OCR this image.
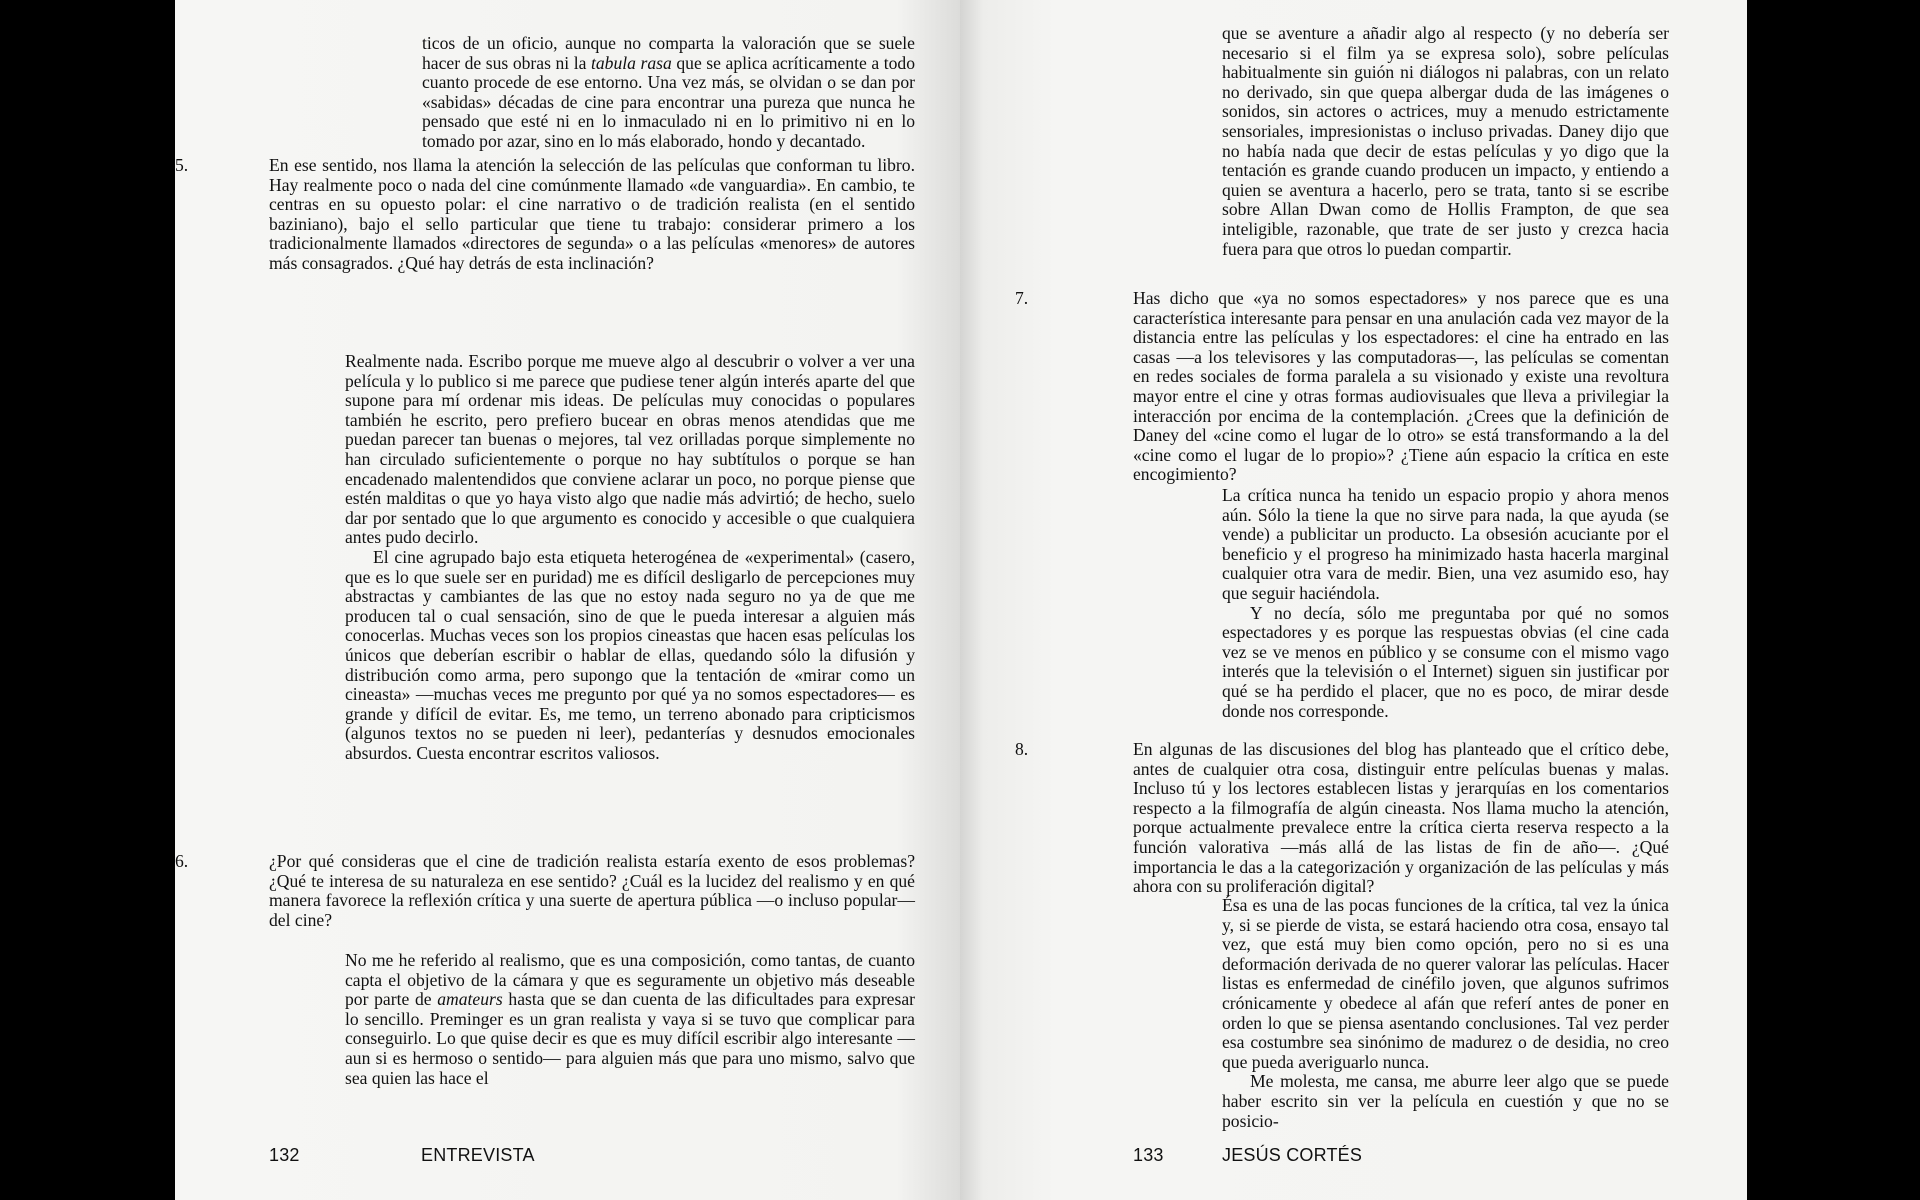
ticos de un oficio, aunque no comparta la valoración que se suele hacer de sus obras ni la tabula rasa que se aplica acríticamente a todo cuanto procede de ese entorno. Una vez más, se olvidan o se dan por «sabidas» décadas de cine para encontrar una pureza que nunca he pensado que esté ni en lo inmaculado ni en lo primitivo ni en lo tomado por azar, sino en lo más elaborado, hondo y decantado.

5.	En ese sentido, nos llama la atención la selección de las películas que conforman tu libro. Hay realmente poco o nada del cine comúnmente llamado «de vanguardia». En cambio, te centras en su opuesto polar: el cine narrativo o de tradición realista (en el sentido baziniano), bajo el sello particular que tiene tu trabajo: considerar primero a los tradicionalmente llamados «directores de segunda» o a las películas «menores» de autores más consagrados. ¿Qué hay detrás de esta inclinación?

Realmente nada. Escribo porque me mueve algo al descubrir o volver a ver una película y lo publico si me parece que pudiese tener algún interés aparte del que supone para mí ordenar mis ideas. De películas muy conocidas o populares también he escrito, pero prefiero bucear en obras menos atendidas que me puedan parecer tan buenas o mejores, tal vez orilladas porque simplemente no han circulado suficientemente o porque no hay subtítulos o porque se han encadenado malentendidos que conviene aclarar un poco, no porque piense que estén malditas o que yo haya visto algo que nadie más advirtió; de hecho, suelo dar por sentado que lo que argumento es conocido y accesible o que cualquiera antes pudo decirlo.

El cine agrupado bajo esta etiqueta heterogénea de «experimental» (casero, que es lo que suele ser en puridad) me es difícil desligarlo de percepciones muy abstractas y cambiantes de las que no estoy nada seguro no ya de que me producen tal o cual sensación, sino de que le pueda interesar a alguien más conocerlas. Muchas veces son los propios cineastas que hacen esas películas los únicos que deberían escribir o hablar de ellas, quedando sólo la difusión y distribución como arma, pero supongo que la tentación de «mirar como un cineasta» —muchas veces me pregunto por qué ya no somos espectadores— es grande y difícil de evitar. Es, me temo, un terreno abonado para cripticismos (algunos textos no se pueden ni leer), pedanterías y desnudos emocionales absurdos. Cuesta encontrar escritos valiosos.

6.	¿Por qué consideras que el cine de tradición realista estaría exento de esos problemas? ¿Qué te interesa de su naturaleza en ese sentido? ¿Cuál es la lucidez del realismo y en qué manera favorece la reflexión crítica y una suerte de apertura pública —o incluso popular— del cine?

No me he referido al realismo, que es una composición, como tantas, de cuanto capta el objetivo de la cámara y que es seguramente un objetivo más deseable por parte de amateurs hasta que se dan cuenta de las dificultades para expresar lo sencillo. Preminger es un gran realista y vaya si se tuvo que complicar para conseguirlo. Lo que quise decir es que es muy difícil escribir algo interesante —aun si es hermoso o sentido— para alguien más que para uno mismo, salvo que sea quien las hace el

132	ENTREVISTA

que se aventure a añadir algo al respecto (y no debería ser necesario si el film ya se expresa solo), sobre películas habitualmente sin guión ni diálogos ni palabras, con un relato no derivado, sin que quepa albergar duda de las imágenes o sonidos, sin actores o actrices, muy a menudo estrictamente sensoriales, impresionistas o incluso privadas. Daney dijo que no había nada que decir de estas películas y yo digo que la tentación es grande cuando producen un impacto, y entiendo a quien se aventura a hacerlo, pero se trata, tanto si se escribe sobre Allan Dwan como de Hollis Frampton, de que sea inteligible, razonable, que trate de ser justo y crezca hacia fuera para que otros lo puedan compartir.

7.	Has dicho que «ya no somos espectadores» y nos parece que es una característica interesante para pensar en una anulación cada vez mayor de la distancia entre las películas y los espectadores: el cine ha entrado en las casas —a los televisores y las computadoras—, las películas se comentan en redes sociales de forma paralela a su visionado y existe una revoltura mayor entre el cine y otras formas audiovisuales que lleva a privilegiar la interacción por encima de la contemplación. ¿Crees que la definición de Daney del «cine como el lugar de lo otro» se está transformando a la del «cine como el lugar de lo propio»? ¿Tiene aún espacio la crítica en este encogimiento?

La crítica nunca ha tenido un espacio propio y ahora menos aún. Sólo la tiene la que no sirve para nada, la que ayuda (se vende) a publicitar un producto. La obsesión acuciante por el beneficio y el progreso ha minimizado hasta hacerla marginal cualquier otra vara de medir. Bien, una vez asumido eso, hay que seguir haciéndola.

Y no decía, sólo me preguntaba por qué no somos espectadores y es porque las respuestas obvias (el cine cada vez se ve menos en público y se consume con el mismo vago interés que la televisión o el Internet) siguen sin justificar por qué se ha perdido el placer, que no es poco, de mirar desde donde nos corresponde.

8.	En algunas de las discusiones del blog has planteado que el crítico debe, antes de cualquier otra cosa, distinguir entre películas buenas y malas. Incluso tú y los lectores establecen listas y jerarquías en los comentarios respecto a la filmografía de algún cineasta. Nos llama mucho la atención, porque actualmente prevalece entre la crítica cierta reserva respecto a la función valorativa —más allá de las listas de fin de año—. ¿Qué importancia le das a la categorización y organización de las películas y más ahora con su proliferación digital?

Ésa es una de las pocas funciones de la crítica, tal vez la única y, si se pierde de vista, se estará haciendo otra cosa, ensayo tal vez, que está muy bien como opción, pero no si es una deformación derivada de no querer valorar las películas. Hacer listas es enfermedad de cinéfilo joven, que algunos sufrimos crónicamente y obedece al afán que referí antes de poner en orden lo que se piensa asentando conclusiones. Tal vez perder esa costumbre sea sinónimo de madurez o de desidia, no creo que pueda averiguarlo nunca.

Me molesta, me cansa, me aburre leer algo que se puede haber escrito sin ver la película en cuestión y que no se posicio-

133	JESÚS CORTÉS
